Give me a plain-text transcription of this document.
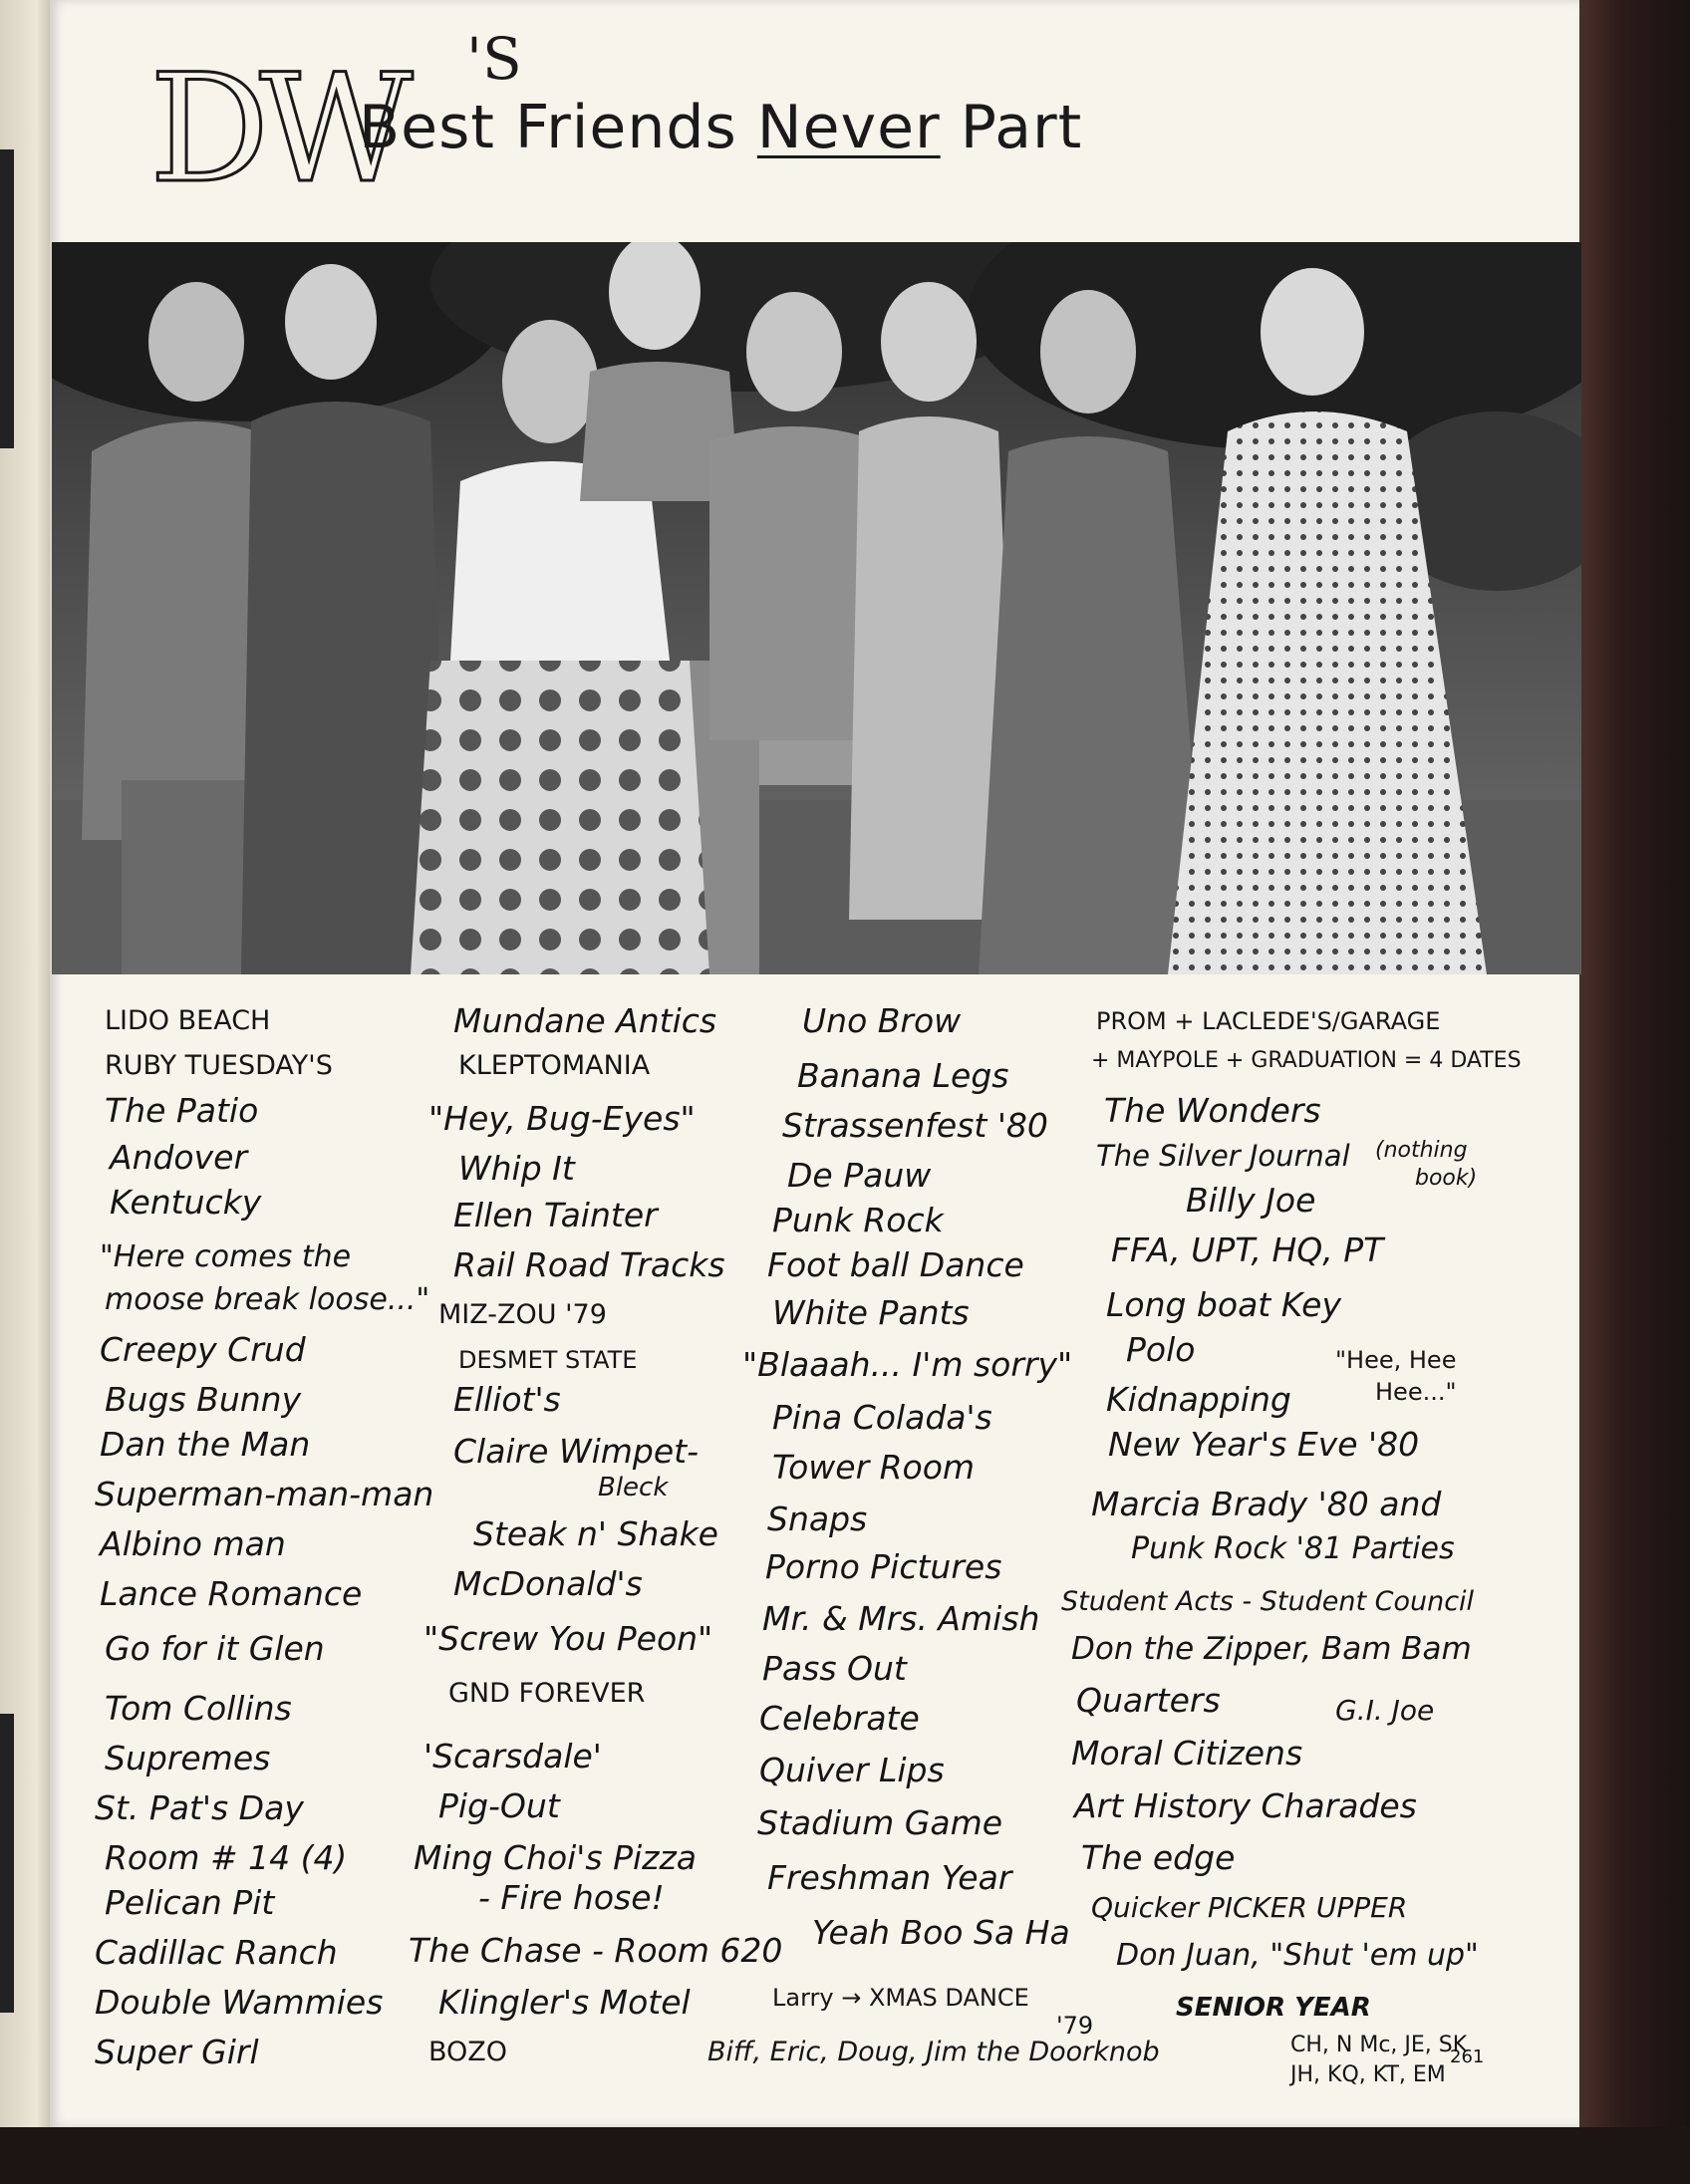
DW 'S
Best Friends Never Part
LIDO BEACH
RUBY TUESDAY'S
The Patio
Andover
Kentucky
"Here comes the
moose break loose..."
Creepy Crud
Bugs Bunny
Dan the Man
Superman-man-man
Albino man
Lance Romance
Go for it Glen
Tom Collins
Supremes
St. Pat's Day
Room # 14 (4)
Pelican Pit
Cadillac Ranch
Double Wammies
Super Girl
Mundane Antics
KLEPTOMANIA
"Hey, Bug-Eyes"
Whip It
Ellen Tainter
Rail Road Tracks
MIZ-ZOU '79
DESMET STATE
Elliot's
Claire Wimpet-
Bleck
Steak n' Shake
McDonald's
"Screw You Peon"
GND FOREVER
'Scarsdale'
Pig-Out
Ming Choi's Pizza
- Fire hose!
The Chase - Room 620
Klingler's Motel
BOZO
Uno Brow
Banana Legs
Strassenfest '80
De Pauw
Punk Rock
Foot ball Dance
White Pants
"Blaaah... I'm sorry"
Pina Colada's
Tower Room
Snaps
Porno Pictures
Mr. & Mrs. Amish
Pass Out
Celebrate
Quiver Lips
Stadium Game
Freshman Year
Yeah Boo Sa Ha
Larry → XMAS DANCE
'79
Biff, Eric, Doug, Jim the Doorknob
PROM + LACLEDE'S/GARAGE
+ MAYPOLE + GRADUATION = 4 DATES
The Wonders
The Silver Journal (nothing
book)
Billy Joe
FFA, UPT, HQ, PT
Long boat Key
Polo	"Hee, Hee
Hee..."
Kidnapping
New Year's Eve '80
Marcia Brady '80 and
Punk Rock '81 Parties
Student Acts - Student Council
Don the Zipper, Bam Bam
Quarters	G.I. Joe
Moral Citizens
Art History Charades
The edge
Quicker PICKER UPPER
Don Juan, "Shut 'em up"
SENIOR YEAR
CH, N Mc, JE, SK
JH, KQ, KT, EM
261
